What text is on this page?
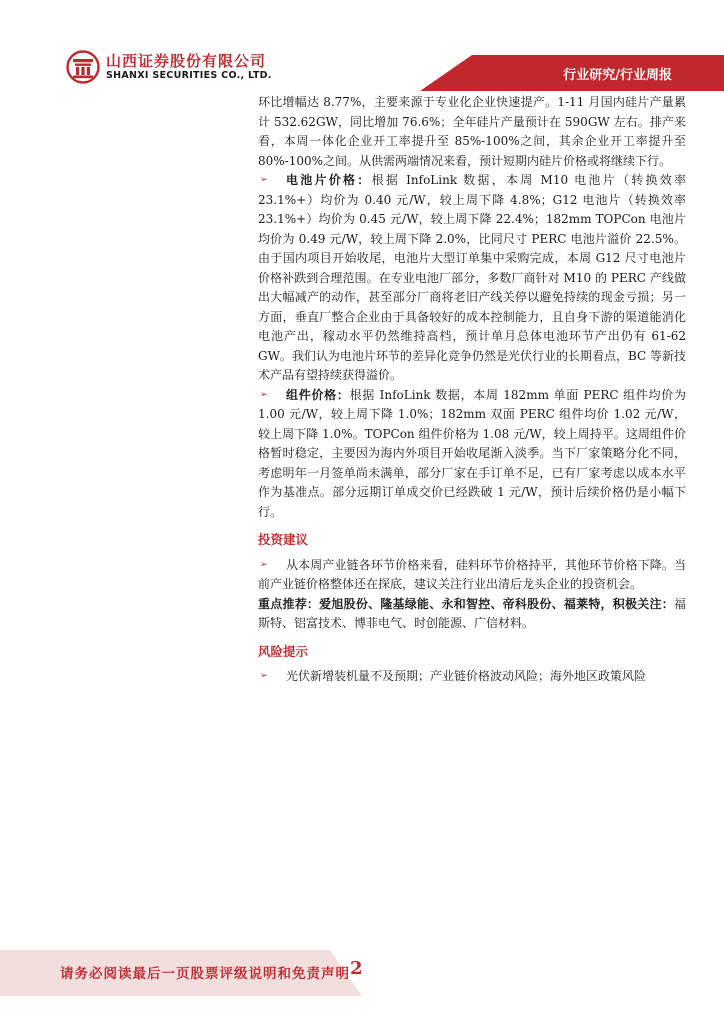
山西证券股份有限公司
SHANXI SECURITIES CO., LTD.	行业研究/行业周报

环比增幅达 8.77%，主要来源于专业化企业快速提产。1-11 月国内硅片产量累计 532.62GW，同比增加 76.6%；全年硅片产量预计在 590GW 左右。排产来看，本周一体化企业开工率提升至 85%-100%之间，其余企业开工率提升至 80%-100%之间。从供需两端情况来看，预计短期内硅片价格或将继续下行。

➢ 电池片价格：根据 InfoLink 数据，本周 M10 电池片（转换效率 23.1%+）均价为 0.40 元/W，较上周下降 4.8%；G12 电池片（转换效率 23.1%+）均价为 0.45 元/W，较上周下降 22.4%；182mm TOPCon 电池片均价为 0.49 元/W，较上周下降 2.0%，比同尺寸 PERC 电池片溢价 22.5%。由于国内项目开始收尾，电池片大型订单集中采购完成，本周 G12 尺寸电池片价格补跌到合理范围。在专业电池厂部分，多数厂商针对 M10 的 PERC 产线做出大幅减产的动作，甚至部分厂商将老旧产线关停以避免持续的现金亏损；另一方面，垂直厂整合企业由于具备较好的成本控制能力，且自身下游的渠道能消化电池产出，稼动水平仍然维持高档，预计单月总体电池环节产出仍有 61-62 GW。我们认为电池片环节的差异化竞争仍然是光伏行业的长期看点，BC 等新技术产品有望持续获得溢价。

➢ 组件价格：根据 InfoLink 数据，本周 182mm 单面 PERC 组件均价为 1.00 元/W，较上周下降 1.0%；182mm 双面 PERC 组件均价 1.02 元/W，较上周下降 1.0%。TOPCon 组件价格为 1.08 元/W，较上周持平。这周组件价格暂时稳定，主要因为海内外项目开始收尾渐入淡季。当下厂家策略分化不同，考虑明年一月签单尚未满单，部分厂家在手订单不足，已有厂家考虑以成本水平作为基准点。部分远期订单成交价已经跌破 1 元/W，预计后续价格仍是小幅下行。

投资建议

➢ 从本周产业链各环节价格来看，硅料环节价格持平，其他环节价格下降。当前产业链价格整体还在探底，建议关注行业出清后龙头企业的投资机会。

重点推荐：爱旭股份、隆基绿能、永和智控、帝科股份、福莱特，积极关注：福斯特、铝富技术、博菲电气、时创能源、广信材料。

风险提示

➢ 光伏新增装机量不及预期；产业链价格波动风险；海外地区政策风险

请务必阅读最后一页股票评级说明和免责声明 2
